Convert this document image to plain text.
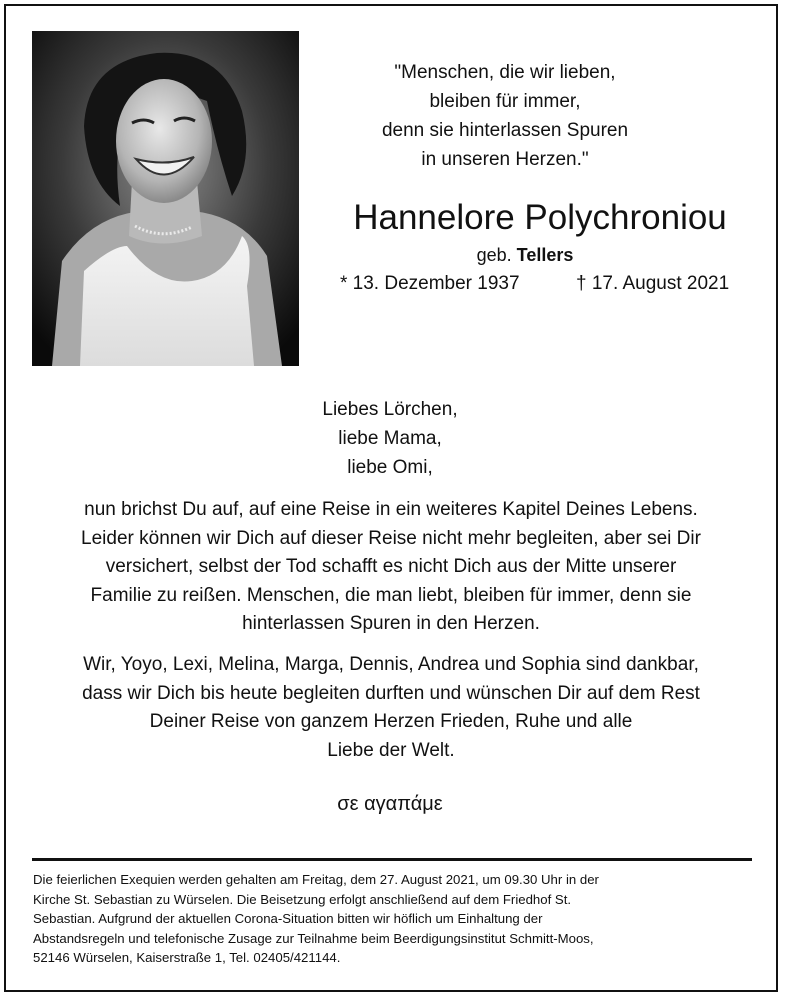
"Menschen, die wir lieben,
bleiben für immer,
denn sie hinterlassen Spuren
in unseren Herzen."
Hannelore Polychroniou
geb. Tellers
* 13. Dezember 1937	† 17. August 2021
Liebes Lörchen,
liebe Mama,
liebe Omi,
nun brichst Du auf, auf eine Reise in ein weiteres Kapitel Deines Lebens.
Leider können wir Dich auf dieser Reise nicht mehr begleiten, aber sei Dir
versichert, selbst der Tod schafft es nicht Dich aus der Mitte unserer
Familie zu reißen. Menschen, die man liebt, bleiben für immer, denn sie
hinterlassen Spuren in den Herzen.
Wir, Yoyo, Lexi, Melina, Marga, Dennis, Andrea und Sophia sind dankbar,
dass wir Dich bis heute begleiten durften und wünschen Dir auf dem Rest
Deiner Reise von ganzem Herzen Frieden, Ruhe und alle
Liebe der Welt.
σε αγαπάμε
Die feierlichen Exequien werden gehalten am Freitag, dem 27. August 2021, um 09.30 Uhr in der
Kirche St. Sebastian zu Würselen. Die Beisetzung erfolgt anschließend auf dem Friedhof St.
Sebastian. Aufgrund der aktuellen Corona-Situation bitten wir höflich um Einhaltung der
Abstandsregeln und telefonische Zusage zur Teilnahme beim Beerdigungsinstitut Schmitt-Moos,
52146 Würselen, Kaiserstraße 1, Tel. 02405/421144.
